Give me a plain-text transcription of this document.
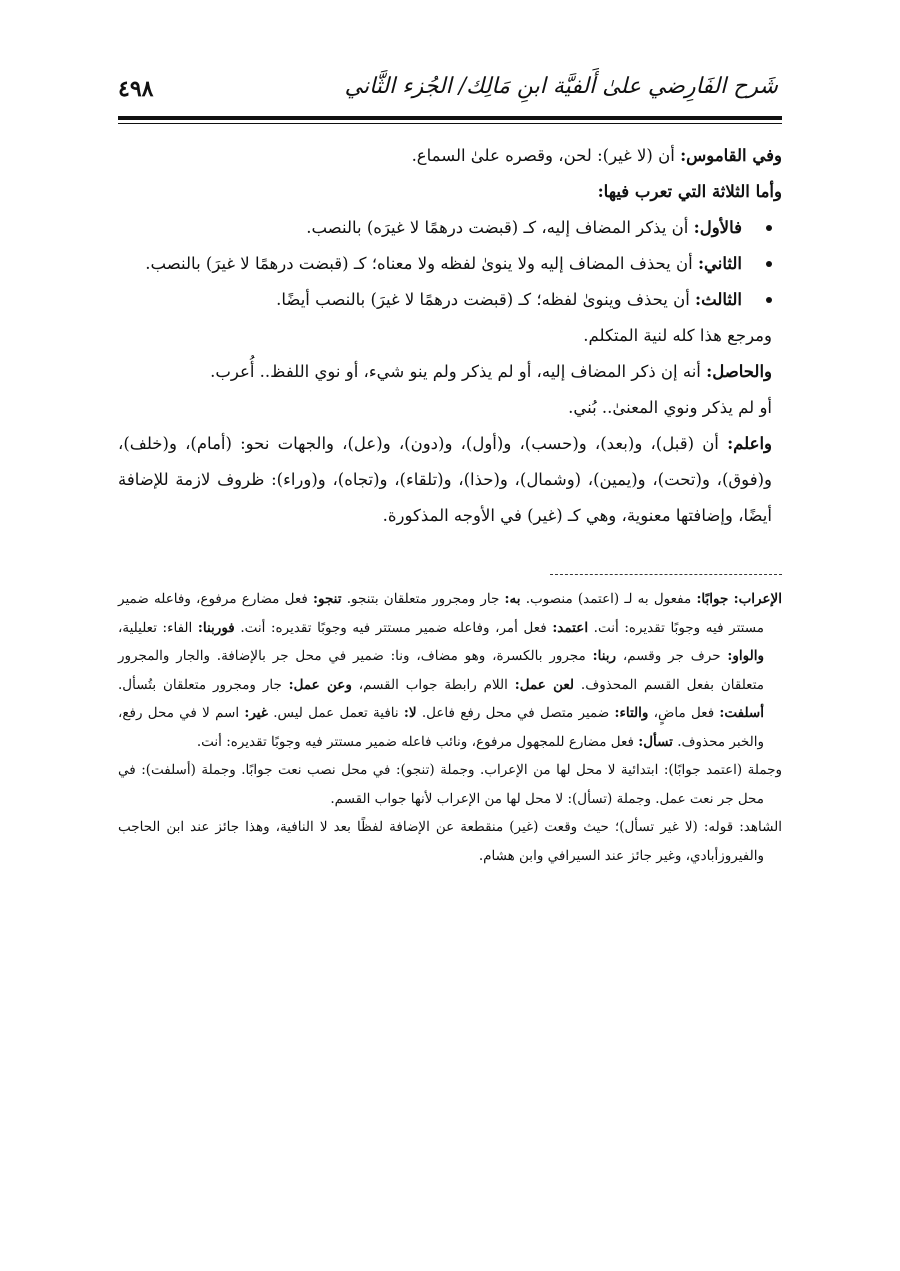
شَرح الفَارِضي علىٰ أَلفيَّة ابنِ مَالِك/ الجُزء الثَّاني
٤٩٨

وفي القاموس: أن (لا غير): لحن، وقصره علىٰ السماع.

وأما الثلاثة التي تعرب فيها:

فالأول: أن يذكر المضاف إليه، كـ (قبضت درهمًا لا غيرَه) بالنصب.
الثاني: أن يحذف المضاف إليه ولا ينوىٰ لفظه ولا معناه؛ كـ (قبضت درهمًا لا غيرَ) بالنصب.
الثالث: أن يحذف وينوىٰ لفظه؛ كـ (قبضت درهمًا لا غيرَ) بالنصب أيضًا.

ومرجع هذا كله لنية المتكلم.

والحاصل: أنه إن ذكر المضاف إليه، أو لم يذكر ولم ينو شيء، أو نوي اللفظ.. أُعرب.

أو لم يذكر ونوي المعنىٰ.. بُني.

واعلم: أن (قبل)، و(بعد)، و(حسب)، و(أول)، و(دون)، و(عل)، والجهات نحو: (أمام)، و(خلف)، و(فوق)، و(تحت)، و(يمين)، (وشمال)، و(حذا)، و(تلقاء)، و(تجاه)، و(وراء): ظروف لازمة للإضافة أيضًا، وإضافتها معنوية، وهي كـ (غير) في الأوجه المذكورة.

الإعراب: جوابًا: مفعول به لـ (اعتمد) منصوب. به: جار ومجرور متعلقان بتنجو. تنجو: فعل مضارع مرفوع، وفاعله ضمير مستتر فيه وجوبًا تقديره: أنت. اعتمد: فعل أمر، وفاعله ضمير مستتر فيه وجوبًا تقديره: أنت. فوربنا: الفاء: تعليلية، والواو: حرف جر وقسم، ربنا: مجرور بالكسرة، وهو مضاف، ونا: ضمير في محل جر بالإضافة. والجار والمجرور متعلقان بفعل القسم المحذوف. لعن عمل: اللام رابطة جواب القسم، وعن عمل: جار ومجرور متعلقان بتُسأل. أسلفت: فعل ماضٍ، والتاء: ضمير متصل في محل رفع فاعل. لا: نافية تعمل عمل ليس. غير: اسم لا في محل رفع، والخبر محذوف. تسأل: فعل مضارع للمجهول مرفوع، ونائب فاعله ضمير مستتر فيه وجوبًا تقديره: أنت.

وجملة (اعتمد جوابًا): ابتدائية لا محل لها من الإعراب. وجملة (تنجو): في محل نصب نعت جوابًا. وجملة (أسلفت): في محل جر نعت عمل. وجملة (تسأل): لا محل لها من الإعراب لأنها جواب القسم.

الشاهد: قوله: (لا غير تسأل)؛ حيث وقعت (غير) منقطعة عن الإضافة لفظًا بعد لا النافية، وهذا جائز عند ابن الحاجب والفيروزأبادي، وغير جائز عند السيرافي وابن هشام.
